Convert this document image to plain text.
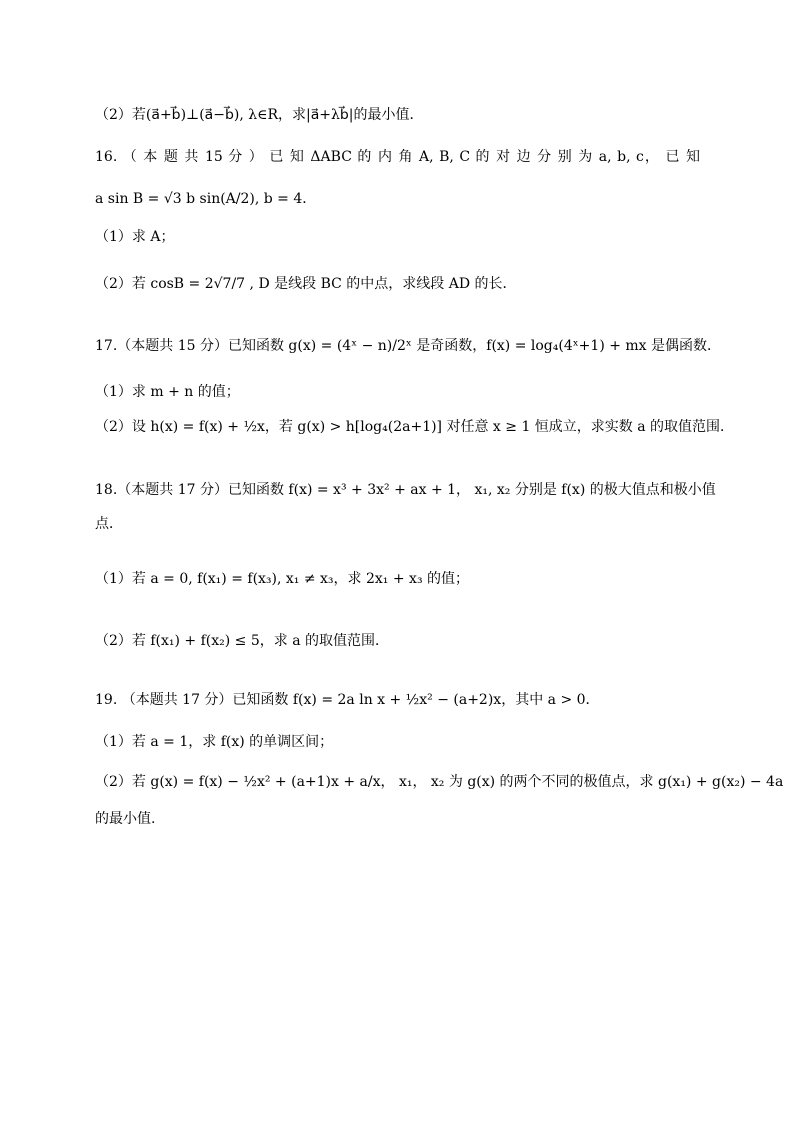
（2）若(a⃗+b⃗)⊥(a⃗−b⃗), λ∈R，求|a⃗+λb⃗|的最小值．
16. （ 本 题 共 15 分 ） 已 知 ΔABC 的 内 角 A, B, C 的 对 边 分 别 为 a, b, c， 已 知
a sin B = √3 b sin(A/2), b = 4．
（1）求 A；
（2）若 cosB = 2√7/7 , D 是线段 BC 的中点，求线段 AD 的长．
17.（本题共 15 分）已知函数 g(x) = (4ˣ − n)/2ˣ 是奇函数，f(x) = log₄(4ˣ+1) + mx 是偶函数．
（1）求 m + n 的值；
（2）设 h(x) = f(x) + ½x，若 g(x) > h[log₄(2a+1)] 对任意 x ≥ 1 恒成立，求实数 a 的取值范围．
18.（本题共 17 分）已知函数 f(x) = x³ + 3x² + ax + 1， x₁, x₂ 分别是 f(x) 的极大值点和极小值
点．
（1）若 a = 0, f(x₁) = f(x₃), x₁ ≠ x₃，求 2x₁ + x₃ 的值；
（2）若 f(x₁) + f(x₂) ≤ 5，求 a 的取值范围．
19. （本题共 17 分）已知函数 f(x) = 2a ln x + ½x² − (a+2)x，其中 a > 0．
（1）若 a = 1，求 f(x) 的单调区间；
（2）若 g(x) = f(x) − ½x² + (a+1)x + a/x， x₁， x₂ 为 g(x) 的两个不同的极值点，求 g(x₁) + g(x₂) − 4a
的最小值.
